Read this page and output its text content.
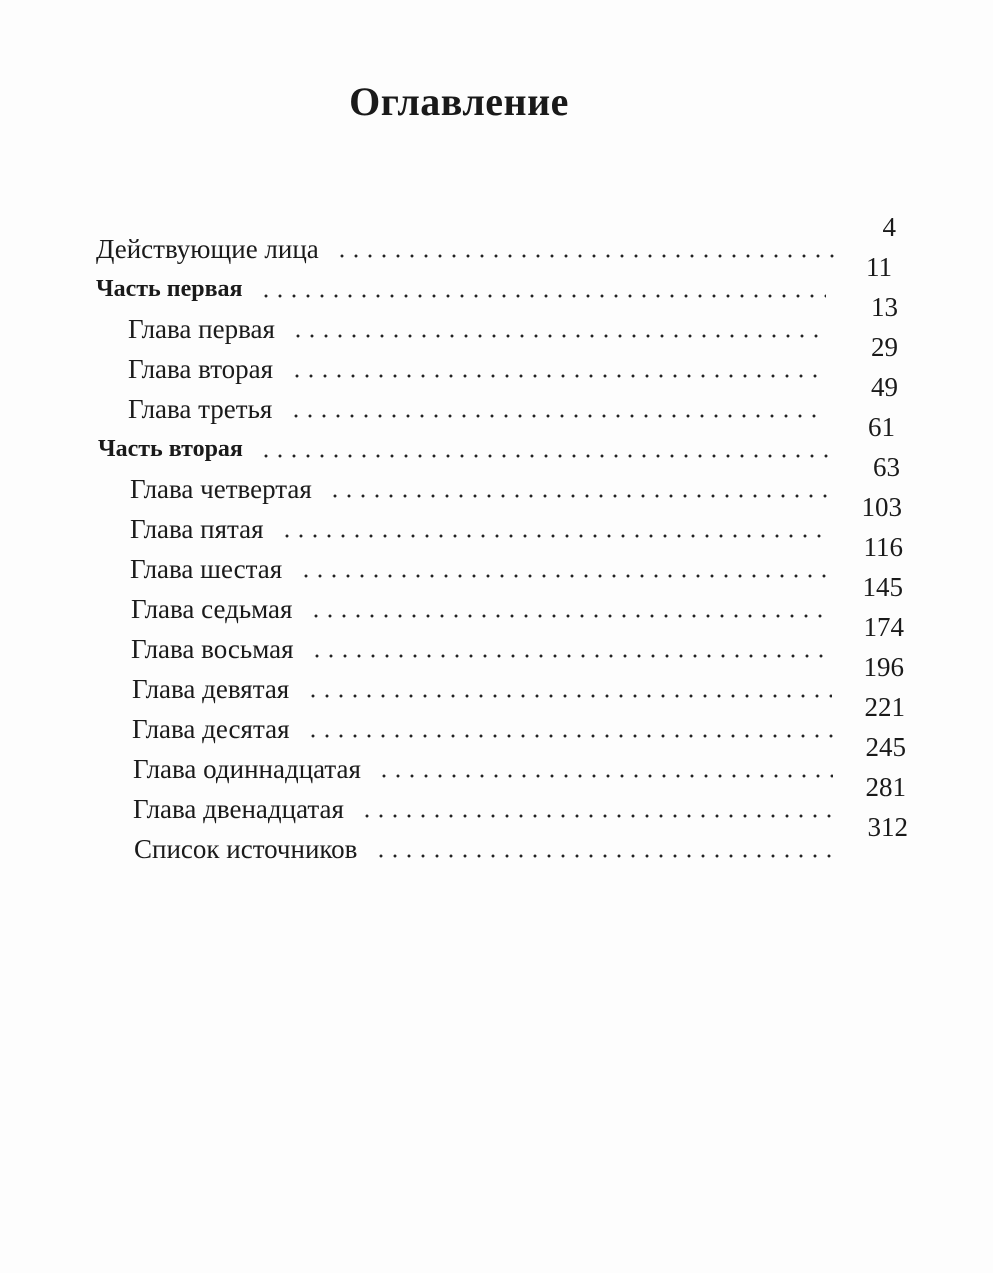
Оглавление
Действующие лица
4
Часть первая
11
Глава первая
13
Глава вторая
29
Глава третья
49
Часть вторая
61
Глава четвертая
63
Глава пятая
103
Глава шестая
116
Глава седьмая
145
Глава восьмая
174
Глава девятая
196
Глава десятая
221
Глава одиннадцатая
245
Глава двенадцатая
281
Список источников
312
